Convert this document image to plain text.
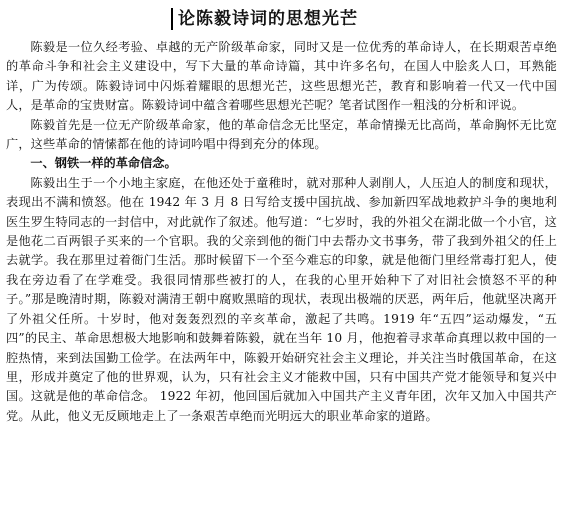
论陈毅诗词的思想光芒

陈毅是一位久经考验、卓越的无产阶级革命家，同时又是一位优秀的革命诗人，在长期艰苦卓绝的革命斗争和社会主义建设中，写下大量的革命诗篇，其中许多名句，在国人中脍炙人口，耳熟能详，广为传颂。陈毅诗词中闪烁着耀眼的思想光芒，这些思想光芒，教育和影响着一代又一代中国人，是革命的宝贵财富。陈毅诗词中蕴含着哪些思想光芒呢？笔者试图作一粗浅的分析和评说。

陈毅首先是一位无产阶级革命家，他的革命信念无比坚定，革命情操无比高尚，革命胸怀无比宽广，这些革命的情愫都在他的诗词吟唱中得到充分的体现。

一、钢铁一样的革命信念。

陈毅出生于一个小地主家庭，在他还处于童稚时，就对那种人剥削人，人压迫人的制度和现状，表现出不满和愤怒。他在 1942 年 3 月 8 日写给支援中国抗战、参加新四军战地救护斗争的奥地利医生罗生特同志的一封信中，对此就作了叙述。他写道：“七岁时，我的外祖父在湖北做一个小官，这是他花二百两银子买来的一个官职。我的父亲到他的衙门中去帮办文书事务，带了我到外祖父的任上去就学。我在那里过着衙门生活。那时候留下一个至今难忘的印象，就是他衙门里经常毒打犯人，使我在旁边看了在学难受。我很同情那些被打的人，在我的心里开始种下了对旧社会愤怒不平的种子。”那是晚清时期，陈毅对满清王朝中腐败黑暗的现状，表现出极端的厌恶，两年后，他就坚决离开了外祖父任所。十岁时，他对轰轰烈烈的辛亥革命，激起了共鸣。1919 年“五四”运动爆发，“五四”的民主、革命思想极大地影响和鼓舞着陈毅，就在当年 10 月，他抱着寻求革命真理以救中国的一腔热情，来到法国勤工俭学。在法两年中，陈毅开始研究社会主义理论，并关注当时俄国革命，在这里，形成并奠定了他的世界观，认为，只有社会主义才能救中国，只有中国共产党才能领导和复兴中国。这就是他的革命信念。 1922 年初，他回国后就加入中国共产主义青年团，次年又加入中国共产党。从此，他义无反顾地走上了一条艰苦卓绝而光明远大的职业革命家的道路。
